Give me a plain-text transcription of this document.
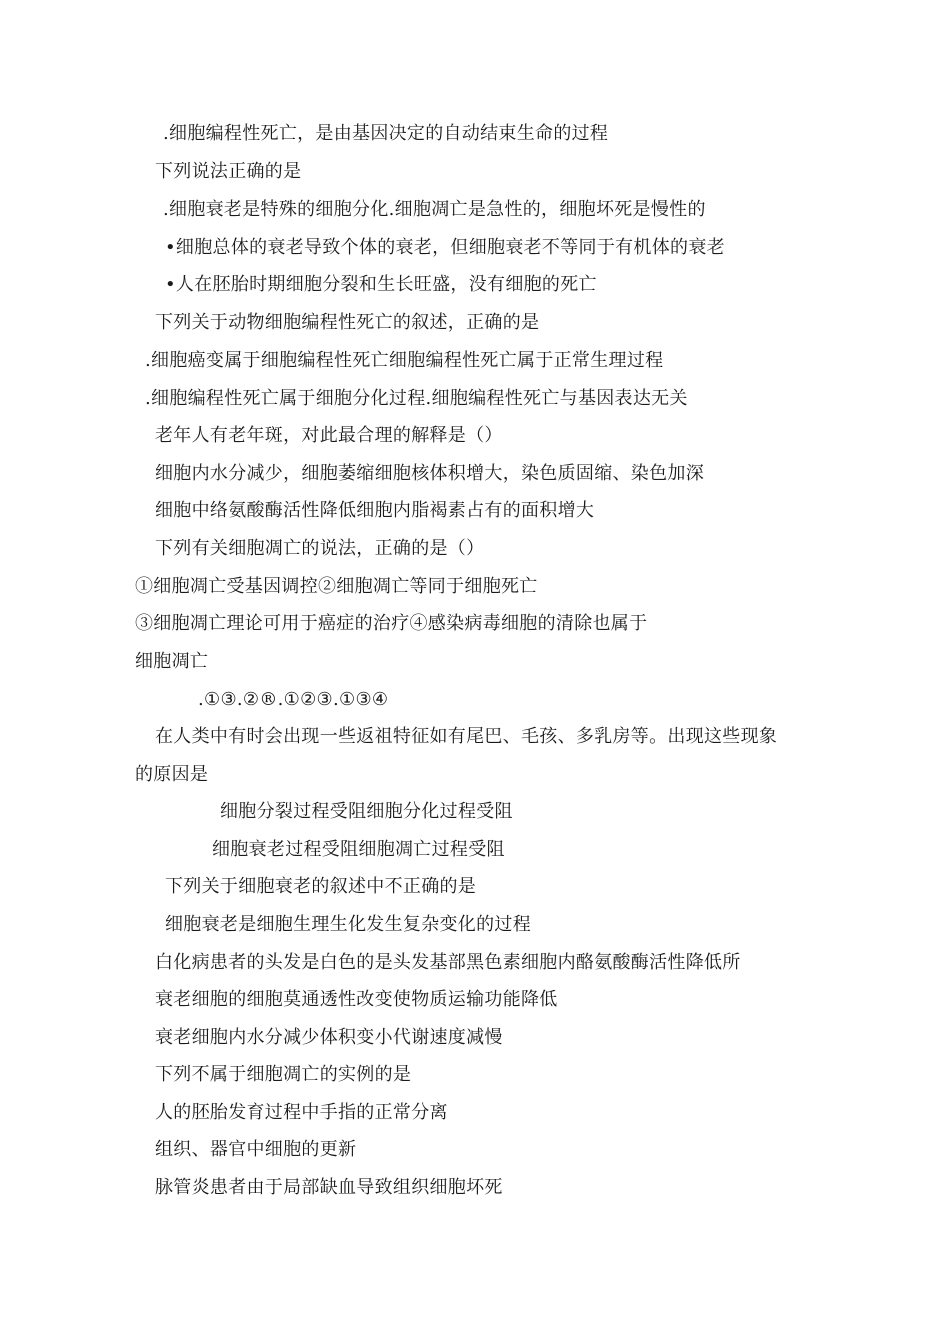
.细胞编程性死亡，是由基因决定的自动结束生命的过程
下列说法正确的是
.细胞衰老是特殊的细胞分化.细胞凋亡是急性的，细胞坏死是慢性的
•细胞总体的衰老导致个体的衰老，但细胞衰老不等同于有机体的衰老
•人在胚胎时期细胞分裂和生长旺盛，没有细胞的死亡
下列关于动物细胞编程性死亡的叙述，正确的是
.细胞癌变属于细胞编程性死亡细胞编程性死亡属于正常生理过程
.细胞编程性死亡属于细胞分化过程.细胞编程性死亡与基因表达无关
老年人有老年斑，对此最合理的解释是（）
细胞内水分减少，细胞萎缩细胞核体积增大，染色质固缩、染色加深
细胞中络氨酸酶活性降低细胞内脂褐素占有的面积增大
下列有关细胞凋亡的说法，正确的是（）
①细胞凋亡受基因调控②细胞凋亡等同于细胞死亡
③细胞凋亡理论可用于癌症的治疗④感染病毒细胞的清除也属于
细胞凋亡
.①③.②®.①②③.①③④
在人类中有时会出现一些返祖特征如有尾巴、毛孩、多乳房等。出现这些现象
的原因是
细胞分裂过程受阻细胞分化过程受阻
细胞衰老过程受阻细胞凋亡过程受阻
下列关于细胞衰老的叙述中不正确的是
细胞衰老是细胞生理生化发生复杂变化的过程
白化病患者的头发是白色的是头发基部黑色素细胞内酪氨酸酶活性降低所
衰老细胞的细胞莫通透性改变使物质运输功能降低
衰老细胞内水分减少体积变小代谢速度减慢
下列不属于细胞凋亡的实例的是
人的胚胎发育过程中手指的正常分离
组织、器官中细胞的更新
脉管炎患者由于局部缺血导致组织细胞坏死
